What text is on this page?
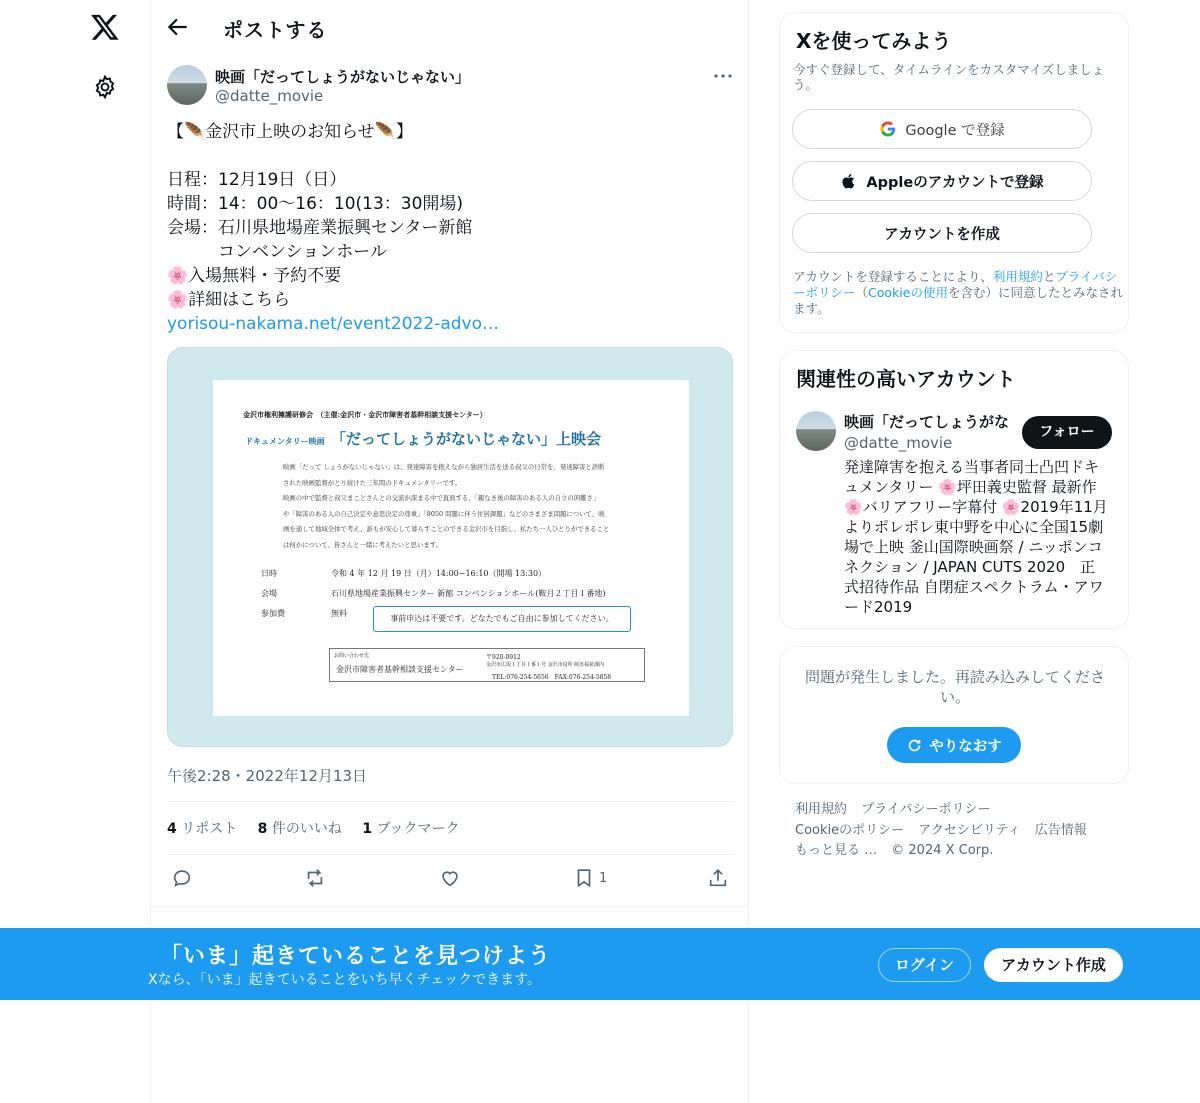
ポストする
映画「だってしょうがないじゃない」
@datte_movie
【🪶金沢市上映のお知らせ🪶】
日程：12月19日（日）
時間：14：00〜16：10(13：30開場)
会場：石川県地場産業振興センター新館
　　　コンベンションホール
🌸入場無料・予約不要
🌸詳細はこちら
yorisou-nakama.net/event2022-advo…
金沢市権利擁護研修会　（主催:金沢市・金沢市障害者基幹相談支援センター）
ドキュメンタリー映画 「だってしょうがないじゃない」上映会
映画「だって しょうがないじゃない」は、発達障害を抱えながら独居生活を送る叔父の日常を、発達障害と診断
された映画監督がとり続けた三年間のドキュメンタリーです。
映画の中で監督と叔父まことさんとの交流が深まる中で直面する、「親なき後の障害のある人の自立の困難さ」
や「障害のある人の自己決定や意思決定の尊重」「8050 問題に伴う住居課題」などのさまざま問題について、映
画を通して地域全体で考え、誰もが安心して暮らすことのできる金沢市を目指し、私たち一人ひとりができること
は何かについて、皆さんと一緒に考えたいと思います。
日時	令和 4 年 12 月 19 日（月）14:00~16:10（開場 13:30）
会場	石川県地場産業振興センター 新館 コンベンションホール(鞍月２丁目１番地)
参加費	無料
事前申込は不要です。どなたでもご自由に参加してください。
お問い合わせ先
金沢市障害者基幹相談支援センター
〒920-0912
金沢市広坂１丁目１番１号 金沢市役所 障害福祉課内
TEL:076-254-5656　FAX:076-254-5858
午後2:28・2022年12月13日
4 リポスト 8 件のいいね 1 ブックマーク
1
Xを使ってみよう
今すぐ登録して、タイムラインをカスタマイズしましょう。
Google で登録
Appleのアカウントで登録
アカウントを作成
アカウントを登録することにより、利用規約とプライバシーポリシー（Cookieの使用を含む）に同意したとみなされます。
関連性の高いアカウント
映画「だってしょうがな
@datte_movie
フォロー
発達障害を抱える当事者同士凸凹ドキュメンタリー 🌸坪田義史監督 最新作 🌸バリアフリー字幕付 🌸2019年11月よりポレポレ東中野を中心に全国15劇場で上映 釜山国際映画祭 / ニッポンコネクション / JAPAN CUTS 2020　正式招待作品 自閉症スペクトラム・アワード2019
問題が発生しました。再読み込みしてください。
やりなおす
利用規約 プライバシーポリシー
Cookieのポリシー アクセシビリティ 広告情報
もっと見る … © 2024 X Corp.
「いま」起きていることを見つけよう
Xなら、「いま」起きていることをいち早くチェックできます。
ログイン	アカウント作成
